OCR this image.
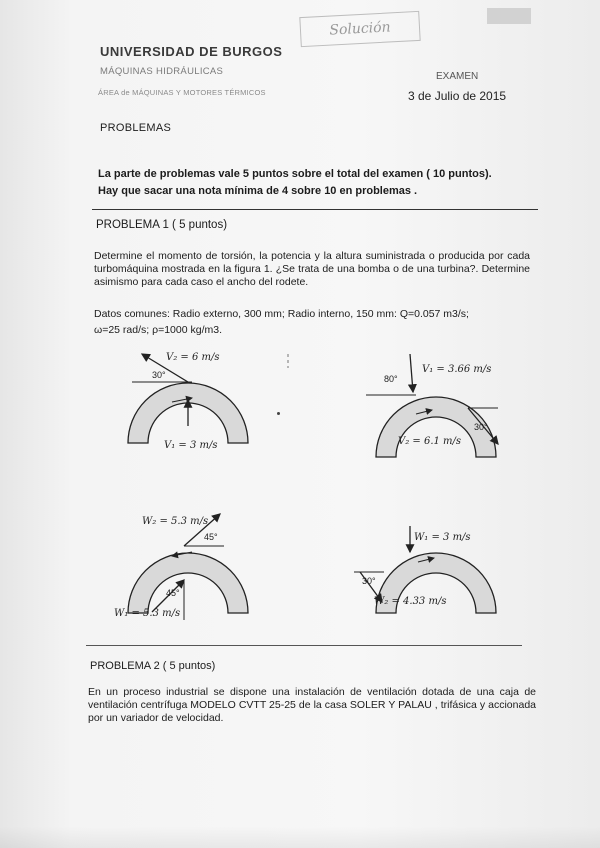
Solución
UNIVERSIDAD DE BURGOS
MÁQUINAS HIDRÁULICAS
ÁREA de MÁQUINAS Y MOTORES TÉRMICOS
EXAMEN
3 de Julio de 2015
PROBLEMAS
La parte de problemas vale 5 puntos sobre el total del examen ( 10 puntos).
Hay que sacar una nota mínima de 4 sobre 10 en problemas .
PROBLEMA 1 ( 5 puntos)
Determine el momento de torsión, la potencia y la altura suministrada o producida por cada turbomáquina mostrada en la figura 1. ¿Se trata de una bomba o de una turbina?. Determine asimismo para cada caso el ancho del rodete.
Datos comunes: Radio externo, 300 mm; Radio interno, 150 mm: Q=0.057 m3/s;
ω=25 rad/s; ρ=1000 kg/m3.
V₂ = 6 m/s
30°
V₁ = 3 m/s
V₁ = 3.66 m/s
80°
30°
V₂ = 6.1 m/s
W₂ = 5.3 m/s
45°
45°
W₁ = 5.3 m/s
W₁ = 3 m/s
30°
W₂ = 4.33 m/s
PROBLEMA 2 ( 5 puntos)
En un proceso industrial se dispone una instalación de ventilación dotada de una caja de ventilación centrífuga MODELO CVTT 25-25 de la casa SOLER Y PALAU , trifásica y accionada por un variador de velocidad.
